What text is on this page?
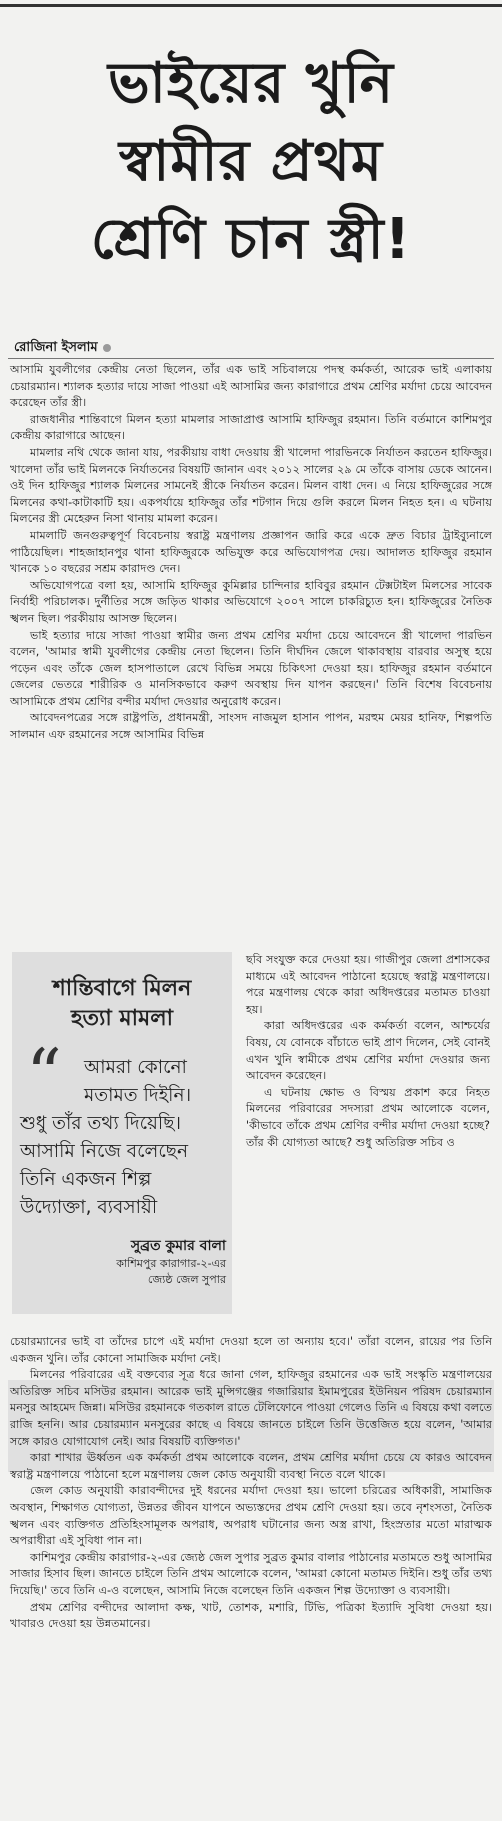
ভাইয়ের খুনি
স্বামীর প্রথম
শ্রেণি চান স্ত্রী!
রোজিনা ইসলাম

আসামি যুবলীগের কেন্দ্রীয় নেতা ছিলেন, তাঁর এক ভাই সচিবালয়ে পদস্থ কর্মকর্তা, আরেক ভাই এলাকায় চেয়ারম্যান। শ্যালক হত্যার দায়ে সাজা পাওয়া এই আসামির জন্য কারাগারে প্রথম শ্রেণির মর্যাদা চেয়ে আবেদন করেছেন তাঁর স্ত্রী।

রাজধানীর শান্তিবাগে মিলন হত্যা মামলার সাজাপ্রাপ্ত আসামি হাফিজুর রহমান। তিনি বর্তমানে কাশিমপুর কেন্দ্রীয় কারাগারে আছেন।

মামলার নথি থেকে জানা যায়, পরকীয়ায় বাধা দেওয়ায় স্ত্রী খালেদা পারভিনকে নির্যাতন করতেন হাফিজুর। খালেদা তাঁর ভাই মিলনকে নির্যাতনের বিষয়টি জানান এবং ২০১২ সালের ২৯ মে তাঁকে বাসায় ডেকে আনেন। ওই দিন হাফিজুর শ্যালক মিলনের সামনেই স্ত্রীকে নির্যাতন করেন। মিলন বাধা দেন। এ নিয়ে হাফিজুরের সঙ্গে মিলনের কথা-কাটাকাটি হয়। একপর্যায়ে হাফিজুর তাঁর শটগান দিয়ে গুলি করলে মিলন নিহত হন। এ ঘটনায় মিলনের স্ত্রী মেহেরুন নিসা থানায় মামলা করেন।

মামলাটি জনগুরুত্বপূর্ণ বিবেচনায় স্বরাষ্ট্র মন্ত্রণালয় প্রজ্ঞাপন জারি করে একে দ্রুত বিচার ট্রাইব্যুনালে পাঠিয়েছিল। শাহজাহানপুর থানা হাফিজুরকে অভিযুক্ত করে অভিযোগপত্র দেয়। আদালত হাফিজুর রহমান খানকে ১০ বছরের সশ্রম কারাদণ্ড দেন।

অভিযোগপত্রে বলা হয়, আসামি হাফিজুর কুমিল্লার চান্দিনার হাবিবুর রহমান টেক্সটাইল মিলসের সাবেক নির্বাহী পরিচালক। দুর্নীতির সঙ্গে জড়িত থাকার অভিযোগে ২০০৭ সালে চাকরিচ্যুত হন। হাফিজুরের নৈতিক স্খলন ছিল। পরকীয়ায় আসক্ত ছিলেন।

ভাই হত্যার দায়ে সাজা পাওয়া স্বামীর জন্য প্রথম শ্রেণির মর্যাদা চেয়ে আবেদনে স্ত্রী খালেদা পারভিন বলেন, 'আমার স্বামী যুবলীগের কেন্দ্রীয় নেতা ছিলেন। তিনি দীর্ঘদিন জেলে থাকাবস্থায় বারবার অসুস্থ হয়ে পড়েন এবং তাঁকে জেল হাসপাতালে রেখে বিভিন্ন সময়ে চিকিৎসা দেওয়া হয়। হাফিজুর রহমান বর্তমানে জেলের ভেতরে শারীরিক ও মানসিকভাবে করুণ অবস্থায় দিন যাপন করছেন।' তিনি বিশেষ বিবেচনায় আসামিকে প্রথম শ্রেণির বন্দীর মর্যাদা দেওয়ার অনুরোধ করেন।

আবেদনপত্রের সঙ্গে রাষ্ট্রপতি, প্রধানমন্ত্রী, সাংসদ নাজমুল হাসান পাপন, মরহুম মেয়র হানিফ, শিল্পপতি সালমান এফ রহমানের সঙ্গে আসামির বিভিন্ন

শান্তিবাগে মিলন
হত্যা মামলা
“	আমরা কোনো
মতামত দিইনি।
শুধু তাঁর তথ্য দিয়েছি।
আসামি নিজে বলেছেন
তিনি একজন শিল্প
উদ্যোক্তা, ব্যবসায়ী
সুব্রত কুমার বালা
কাশিমপুর কারাগার-২-এর
জ্যেষ্ঠ জেল সুপার

ছবি সংযুক্ত করে দেওয়া হয়। গাজীপুর জেলা প্রশাসকের মাধ্যমে এই আবেদন পাঠানো হয়েছে স্বরাষ্ট্র মন্ত্রণালয়ে। পরে মন্ত্রণালয় থেকে কারা অধিদপ্তরের মতামত চাওয়া হয়।

কারা অধিদপ্তরের এক কর্মকর্তা বলেন, আশ্চর্যের বিষয়, যে বোনকে বাঁচাতে ভাই প্রাণ দিলেন, সেই বোনই এখন খুনি স্বামীকে প্রথম শ্রেণির মর্যাদা দেওয়ার জন্য আবেদন করেছেন।

এ ঘটনায় ক্ষোভ ও বিস্ময় প্রকাশ করে নিহত মিলনের পরিবারের সদস্যরা প্রথম আলোকে বলেন, 'কীভাবে তাঁকে প্রথম শ্রেণির বন্দীর মর্যাদা দেওয়া হচ্ছে? তাঁর কী যোগ্যতা আছে? শুধু অতিরিক্ত সচিব ও

চেয়ারম্যানের ভাই বা তাঁদের চাপে এই মর্যাদা দেওয়া হলে তা অন্যায় হবে।' তাঁরা বলেন, রায়ের পর তিনি একজন খুনি। তাঁর কোনো সামাজিক মর্যাদা নেই।

মিলনের পরিবারের এই বক্তব্যের সূত্র ধরে জানা গেল, হাফিজুর রহমানের এক ভাই সংস্কৃতি মন্ত্রণালয়ের অতিরিক্ত সচিব মসিউর রহমান। আরেক ভাই মুন্সিগঞ্জের গজারিয়ার ইমামপুরের ইউনিয়ন পরিষদ চেয়ারম্যান মনসুর আহমেদ জিন্না। মসিউর রহমানকে গতকাল রাতে টেলিফোনে পাওয়া গেলেও তিনি এ বিষয়ে কথা বলতে রাজি হননি। আর চেয়ারম্যান মনসুরের কাছে এ বিষয়ে জানতে চাইলে তিনি উত্তেজিত হয়ে বলেন, 'আমার সঙ্গে কারও যোগাযোগ নেই। আর বিষয়টি ব্যক্তিগত।'

কারা শাখার ঊর্ধ্বতন এক কর্মকর্তা প্রথম আলোকে বলেন, প্রথম শ্রেণির মর্যাদা চেয়ে যে কারও আবেদন স্বরাষ্ট্র মন্ত্রণালয়ে পাঠানো হলে মন্ত্রণালয় জেল কোড অনুযায়ী ব্যবস্থা নিতে বলে থাকে।

জেল কোড অনুযায়ী কারাবন্দীদের দুই ধরনের মর্যাদা দেওয়া হয়। ভালো চরিত্রের অধিকারী, সামাজিক অবস্থান, শিক্ষাগত যোগ্যতা, উন্নতর জীবন যাপনে অভ্যস্তদের প্রথম শ্রেণি দেওয়া হয়। তবে নৃশংসতা, নৈতিক স্খলন এবং ব্যক্তিগত প্রতিহিংসামূলক অপরাধ, অপরাধ ঘটানোর জন্য অস্ত্র রাখা, হিংস্রতার মতো মারাত্মক অপরাধীরা এই সুবিধা পান না।

কাশিমপুর কেন্দ্রীয় কারাগার-২-এর জ্যেষ্ঠ জেল সুপার সুব্রত কুমার বালার পাঠানোর মতামতে শুধু আসামির সাজার হিসাব ছিল। জানতে চাইলে তিনি প্রথম আলোকে বলেন, 'আমরা কোনো মতামত দিইনি। শুধু তাঁর তথ্য দিয়েছি।' তবে তিনি এ-ও বলেছেন, আসামি নিজে বলেছেন তিনি একজন শিল্প উদ্যোক্তা ও ব্যবসায়ী।

প্রথম শ্রেণির বন্দীদের আলাদা কক্ষ, খাট, তোশক, মশারি, টিভি, পত্রিকা ইত্যাদি সুবিধা দেওয়া হয়। খাবারও দেওয়া হয় উন্নতমানের।
